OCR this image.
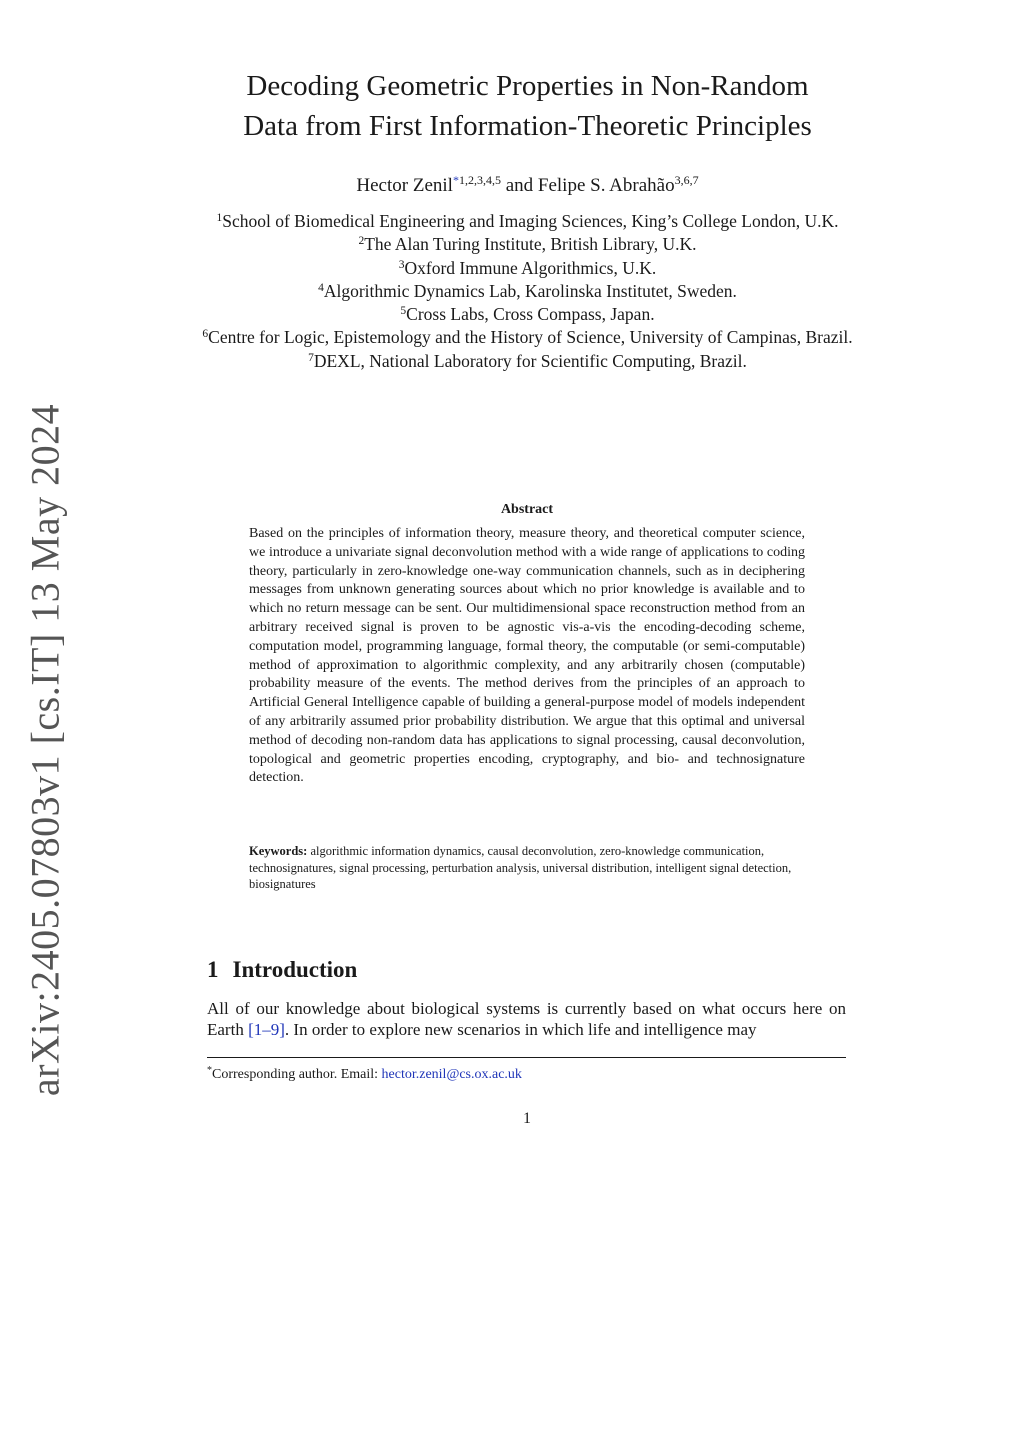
arXiv:2405.07803v1 [cs.IT] 13 May 2024
Decoding Geometric Properties in Non-Random
Data from First Information-Theoretic Principles
Hector Zenil$^{*1,2,3,4,5}$ and Felipe S. Abrahão$^{3,6,7}$
$^1$School of Biomedical Engineering and Imaging Sciences, King’s College London, U.K.
$^2$The Alan Turing Institute, British Library, U.K.
$^3$Oxford Immune Algorithmics, U.K.
$^4$Algorithmic Dynamics Lab, Karolinska Institutet, Sweden.
$^5$Cross Labs, Cross Compass, Japan.
$^6$Centre for Logic, Epistemology and the History of Science, University of Campinas, Brazil.
$^7$DEXL, National Laboratory for Scientific Computing, Brazil.
Abstract

Based on the principles of information theory, measure theory, and theoretical computer science, we introduce a univariate signal deconvolution method with a wide range of applications to coding theory, particularly in zero-knowledge one-way communication channels, such as in deciphering messages from unknown generating sources about which no prior knowledge is available and to which no return message can be sent. Our multidimensional space reconstruction method from an arbitrary received signal is proven to be agnostic vis-a-vis the encoding-decoding scheme, computation model, programming language, formal theory, the computable (or semi-computable) method of approximation to algorithmic complexity, and any arbitrarily chosen (computable) probability measure of the events. The method derives from the principles of an approach to Artificial General Intelligence capable of building a general-purpose model of models independent of any arbitrarily assumed prior probability distribution. We argue that this optimal and universal method of decoding non-random data has applications to signal processing, causal deconvolution, topological and geometric properties encoding, cryptography, and bio- and technosignature detection.

Keywords: algorithmic information dynamics, causal deconvolution, zero-knowledge communication, technosignatures, signal processing, perturbation analysis, universal distribution, intelligent signal detection, biosignatures

1 Introduction

All of our knowledge about biological systems is currently based on what occurs here on Earth [1–9]. In order to explore new scenarios in which life and intelligence may

*Corresponding author. Email: hector.zenil@cs.ox.ac.uk
1
